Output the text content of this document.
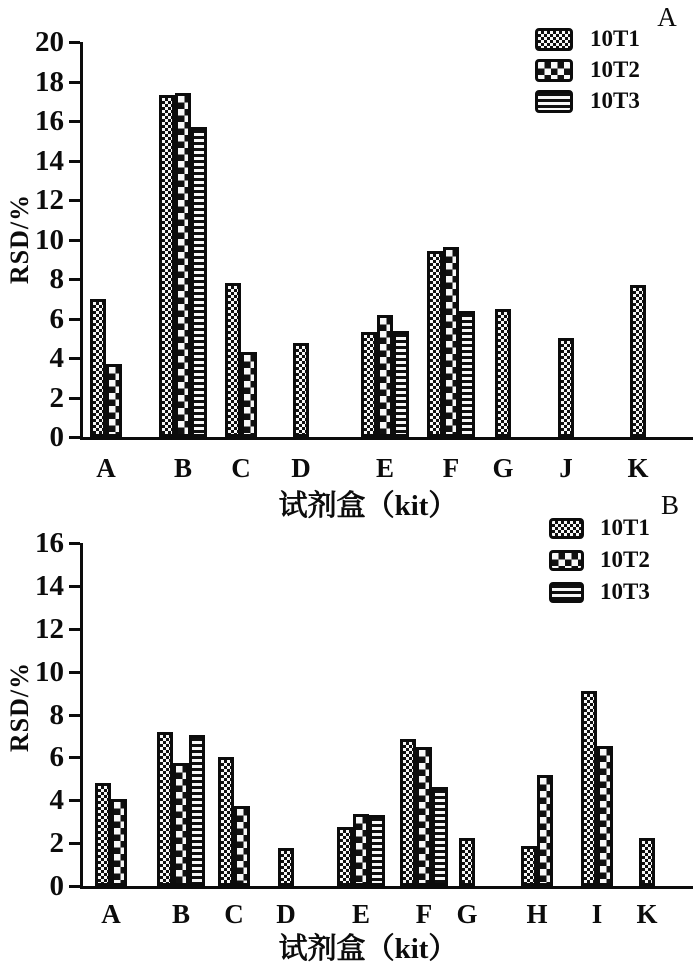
A
RSD/%
试剂盒（kit）
10T1
10T2
10T3
0
2
4
6
8
10
12
14
16
18
20
A	B	C	D	E	F	G	J	K
B
RSD/%
试剂盒（kit）
10T1
10T2
10T3
0
2
4
6
8
10
12
14
16
A	B	C	D	E	F G	H	I	K
